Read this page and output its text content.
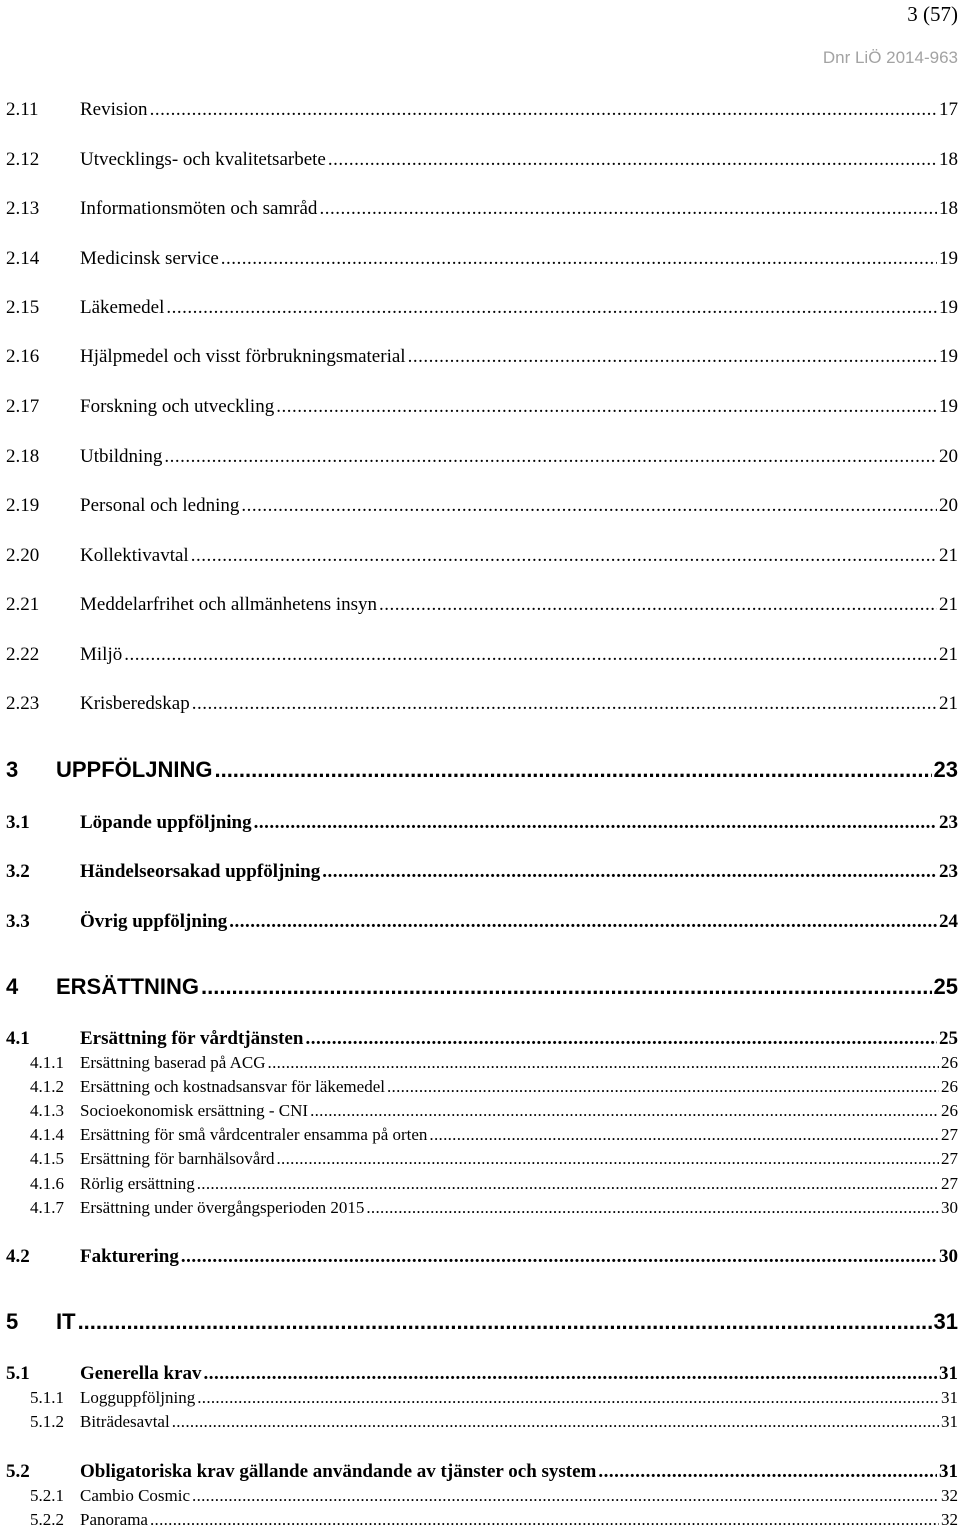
3 (57)
Dnr LiÖ 2014-963
2.11	Revision .....	17
2.12	Utvecklings- och kvalitetsarbete .....	18
2.13	Informationsmöten och samråd .....	18
2.14	Medicinsk service .....	19
2.15	Läkemedel .....	19
2.16	Hjälpmedel och visst förbrukningsmaterial .....	19
2.17	Forskning och utveckling .....	19
2.18	Utbildning .....	20
2.19	Personal och ledning .....	20
2.20	Kollektivavtal .....	21
2.21	Meddelarfrihet och allmänhetens insyn .....	21
2.22	Miljö .....	21
2.23	Krisberedskap .....	21
3	UPPFÖLJNING .....	23
3.1	Löpande uppföljning .....	23
3.2	Händelseorsakad uppföljning .....	23
3.3	Övrig uppföljning .....	24
4	ERSÄTTNING .....	25
4.1	Ersättning för vårdtjänsten .....	25
4.1.1 Ersättning baserad på ACG .....	26
4.1.2 Ersättning och kostnadsansvar för läkemedel .....	26
4.1.3 Socioekonomisk ersättning - CNI .....	26
4.1.4 Ersättning för små vårdcentraler ensamma på orten .....	27
4.1.5 Ersättning för barnhälsovård .....	27
4.1.6 Rörlig ersättning .....	27
4.1.7 Ersättning under övergångsperioden 2015 .....	30
4.2	Fakturering .....	30
5	IT .....	31
5.1	Generella krav .....	31
5.1.1 Logguppföljning .....	31
5.1.2 Biträdesavtal .....	31
5.2	Obligatoriska krav gällande användande av tjänster och system .....	31
5.2.1 Cambio Cosmic .....	32
5.2.2 Panorama .....	32
